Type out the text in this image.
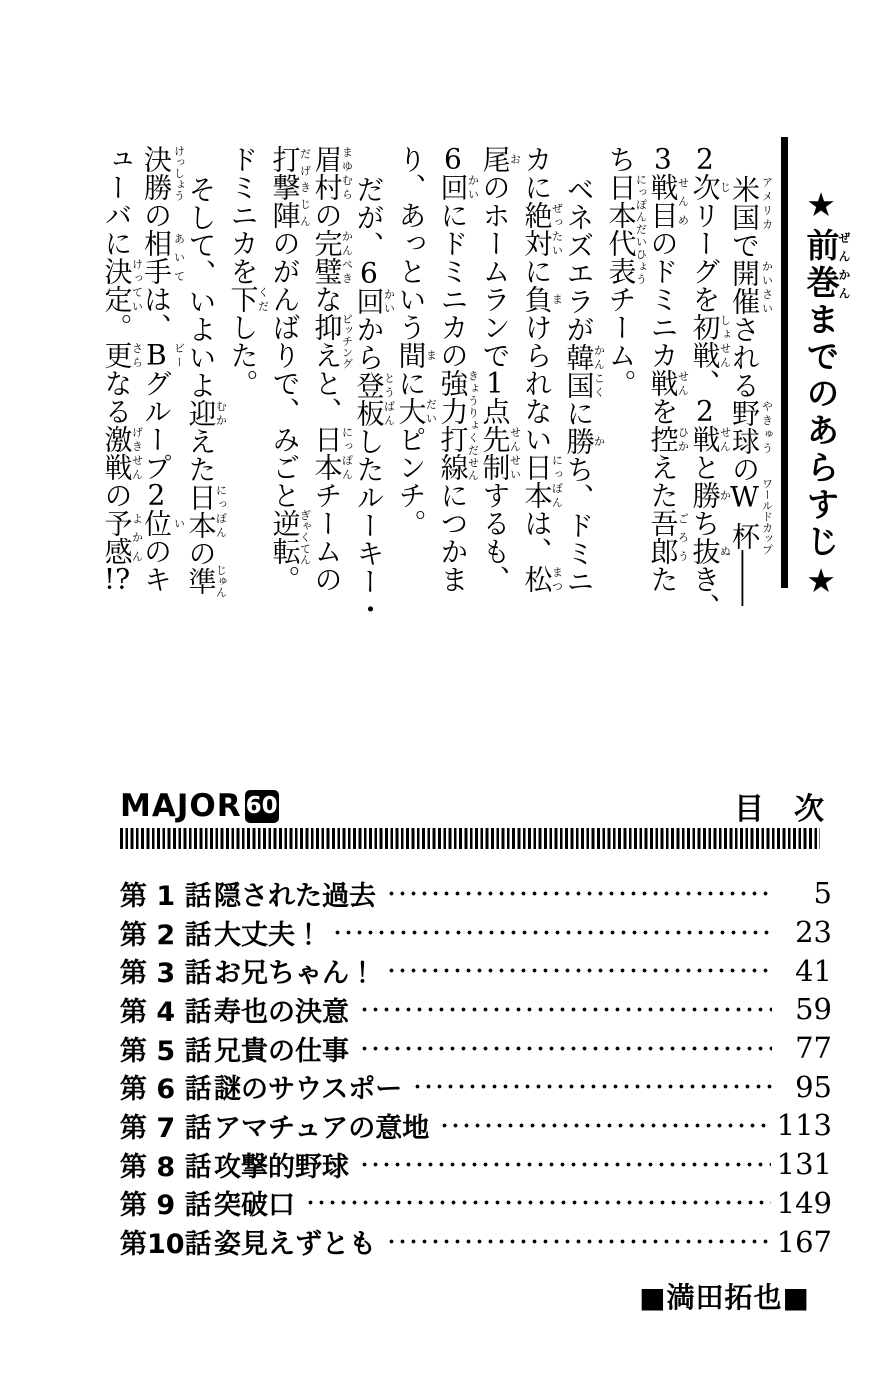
★前巻ぜんかんまでのあらすじ★
米国 アメリカで開催 かいさいされる野球 やきゅうのW杯 ワールドカップ――
2次じリーグを初戦しょせん、2戦せんと勝かち抜ぬき、
3戦目せんめのドミニカ戦せんを控ひかえた吾郎ごろうた
ち日本代表にっぽんだいひょうチーム。
ベネズエラが韓国かんこくに勝かち、ドミニ
カに絶対ぜったいに負まけられない日本にっぽんは、松まつ
尾おのホームランで1点先制せんせいするも、
6回かいにドミニカの強力打線きょうりょくだせんにつかま
り、あっという間まに大だいピンチ。
だが、6回かいから登板とうばんしたルーキー・
眉村まゆむらの完璧かんぺきな抑えピッチングと、日本にっぽんチームの
打撃陣だげきじんのがんばりで、みごと逆転ぎゃくてん。
ドミニカを下くだした。
そして、いよいよ迎むかえた日本にっぽんの準じゅん
決勝 けっしょうの相手 あいては、B ビーグループ2位 いのキ
ューバに決定けってい。更さらなる激戦げきせんの予感よかん!?
MAJOR 60	目　次
第 1 話 隠された過去	5
第 2 話 大丈夫！	23
第 3 話 お兄ちゃん！	41
第 4 話 寿也の決意	59
第 5 話 兄貴の仕事	77
第 6 話 謎のサウスポー	95
第 7 話 アマチュアの意地	113
第 8 話 攻撃的野球	131
第 9 話 突破口	149
第10話 姿見えずとも	167
■満田拓也■
